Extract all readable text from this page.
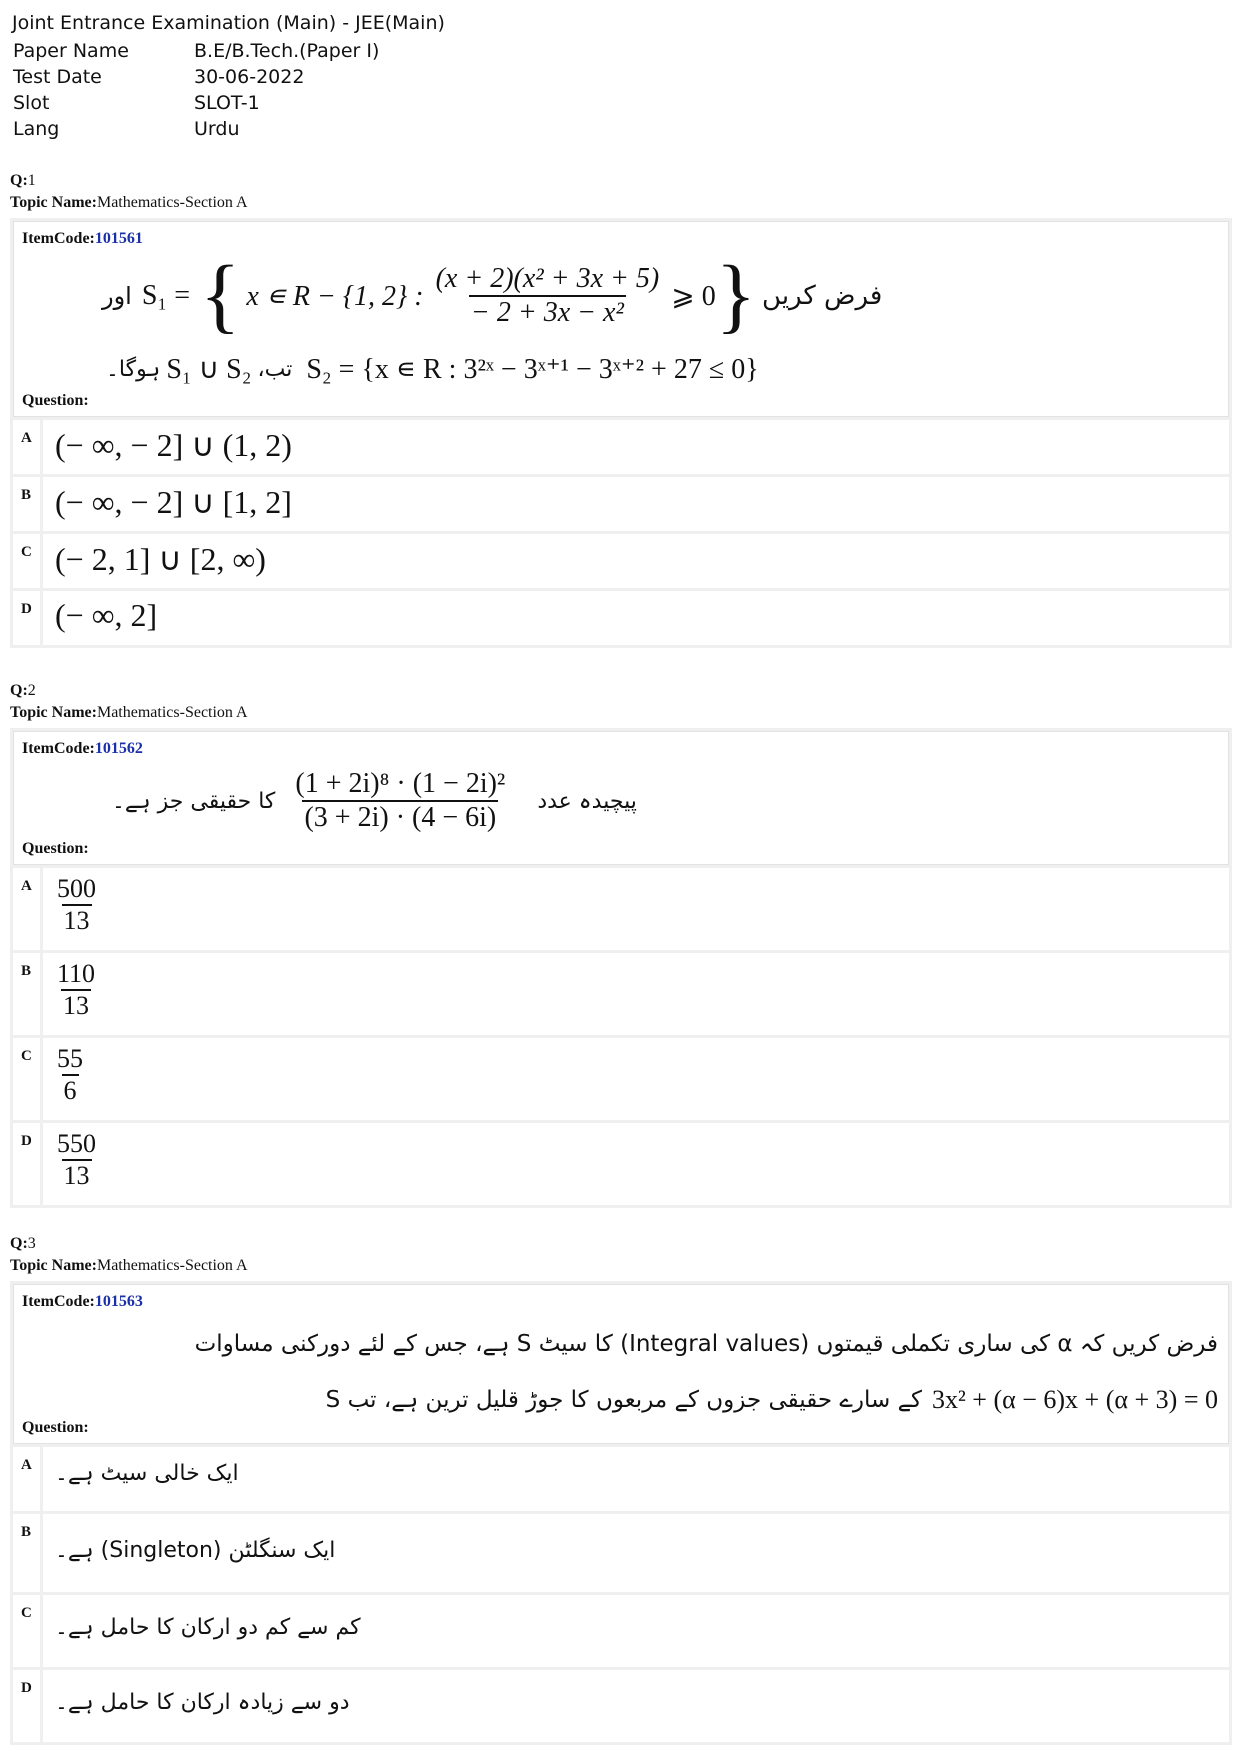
Joint Entrance Examination (Main) - JEE(Main)
Paper Name	B.E/B.Tech.(Paper I)
Test Date	30-06-2022
Slot	SLOT-1
Lang	Urdu
Q:1
Topic Name:Mathematics-Section A
ItemCode:101561
اور S₁ = { x ∊ R − {1, 2} : $\frac{\text{(x + 2)(x² + 3x + 5)}}{\text{− 2 + 3x − x²}}$ ⩾ 0 } فرض کریں
ہوگا۔ S₁ ∪ S₂ تب، S₂ = {x ∊ R : 3²ˣ − 3ˣ⁺¹ − 3ˣ⁺² + 27 ≤ 0}
Question:
A (− ∞, − 2] ∪ (1, 2)
B (− ∞, − 2] ∪ [1, 2]
C (− 2, 1] ∪ [2, ∞)
D (− ∞, 2]
Q:2
Topic Name:Mathematics-Section A
ItemCode:101562
کا حقیقی جز ہے۔ $\frac{\text{(1 + 2i)⁸ · (1 − 2i)²}}{(3 + 2i) \cdot (4 - 6i)}$ پیچیدہ عدد
Question:
A $\frac{500}{13}$
B $\frac{110}{13}$
C $\frac{55}{6}$
D $\frac{550}{13}$
Q:3
Topic Name:Mathematics-Section A
ItemCode:101563
فرض کریں کہ α کی ساری تکملی قیمتوں (Integral values) کا سیٹ S ہے، جس کے لئے دورکنی مساوات
3x² + (α − 6)x + (α + 3) = 0
کے سارے حقیقی جزوں کے مربعوں کا جوڑ قلیل ترین ہے، تب S
Question:
A	ایک خالی سیٹ ہے۔
B
ایک سنگلٹن (Singleton) ہے۔
C
کم سے کم دو ارکان کا حامل ہے۔
D
دو سے زیادہ ارکان کا حامل ہے۔
